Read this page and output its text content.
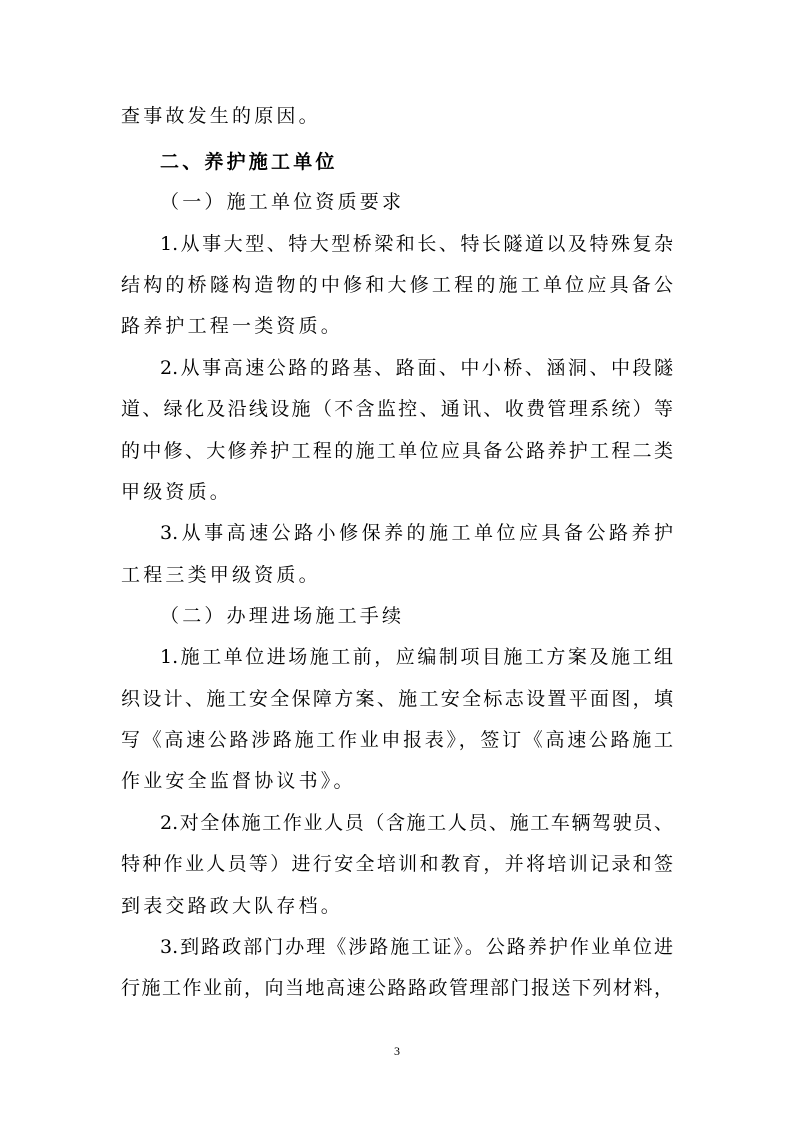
查事故发生的原因。
二、养护施工单位
（一）施工单位资质要求
1.从事大型、特大型桥梁和长、特长隧道以及特殊复杂
结构的桥隧构造物的中修和大修工程的施工单位应具备公
路养护工程一类资质。
2.从事高速公路的路基、路面、中小桥、涵洞、中段隧
道、绿化及沿线设施（不含监控、通讯、收费管理系统）等
的中修、大修养护工程的施工单位应具备公路养护工程二类
甲级资质。
3.从事高速公路小修保养的施工单位应具备公路养护
工程三类甲级资质。
（二）办理进场施工手续
1.施工单位进场施工前，应编制项目施工方案及施工组
织设计、施工安全保障方案、施工安全标志设置平面图，填
写《高速公路涉路施工作业申报表》，签订《高速公路施工
作业安全监督协议书》。
2.对全体施工作业人员（含施工人员、施工车辆驾驶员、
特种作业人员等）进行安全培训和教育，并将培训记录和签
到表交路政大队存档。
3.到路政部门办理《涉路施工证》。公路养护作业单位进
行施工作业前，向当地高速公路路政管理部门报送下列材料，
3
